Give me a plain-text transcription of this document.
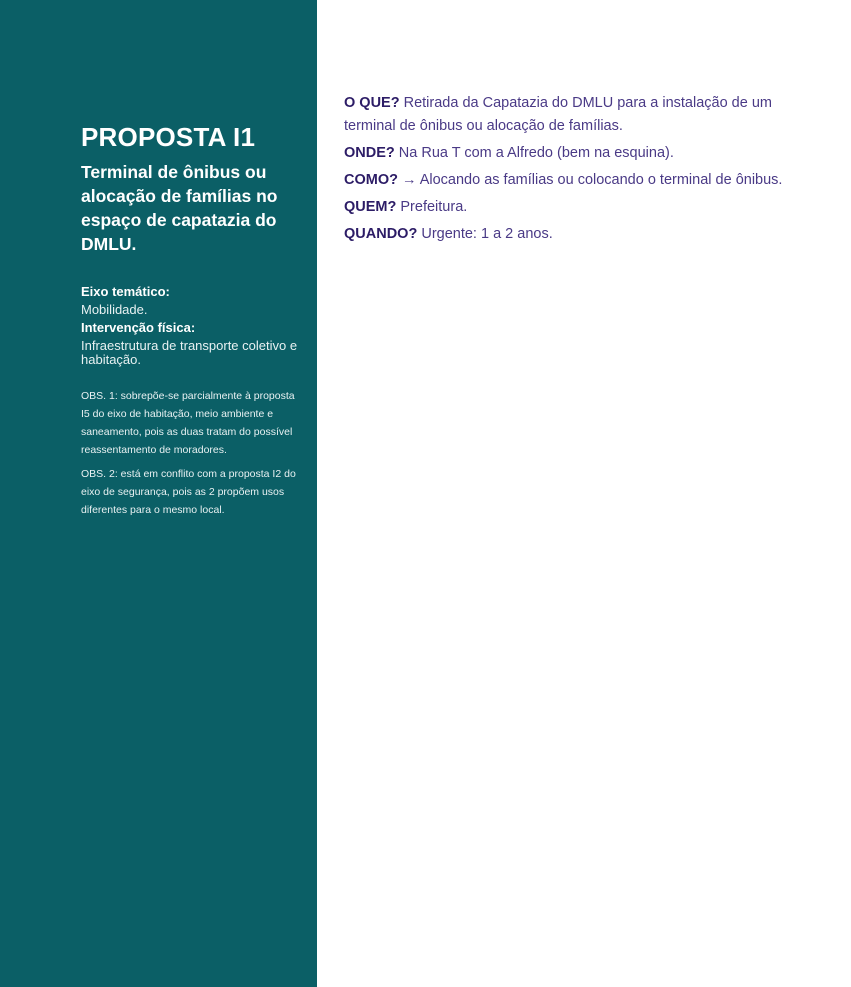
PROPOSTA I1
Terminal de ônibus ou alocação de famílias no espaço de capatazia do DMLU.
Eixo temático:
Mobilidade.
Intervenção física:
Infraestrutura de transporte coletivo e habitação.

OBS. 1: sobrepõe-se parcialmente à proposta I5 do eixo de habitação, meio ambiente e saneamento, pois as duas tratam do possível reassentamento de moradores.

OBS. 2: está em conflito com a proposta I2 do eixo de segurança, pois as 2 propõem usos diferentes para o mesmo local.

O QUE? Retirada da Capatazia do DMLU para a instalação de um terminal de ônibus ou alocação de famílias.

ONDE? Na Rua T com a Alfredo (bem na esquina).

COMO? → Alocando as famílias ou colocando o terminal de ônibus.

QUEM? Prefeitura.

QUANDO? Urgente: 1 a 2 anos.
